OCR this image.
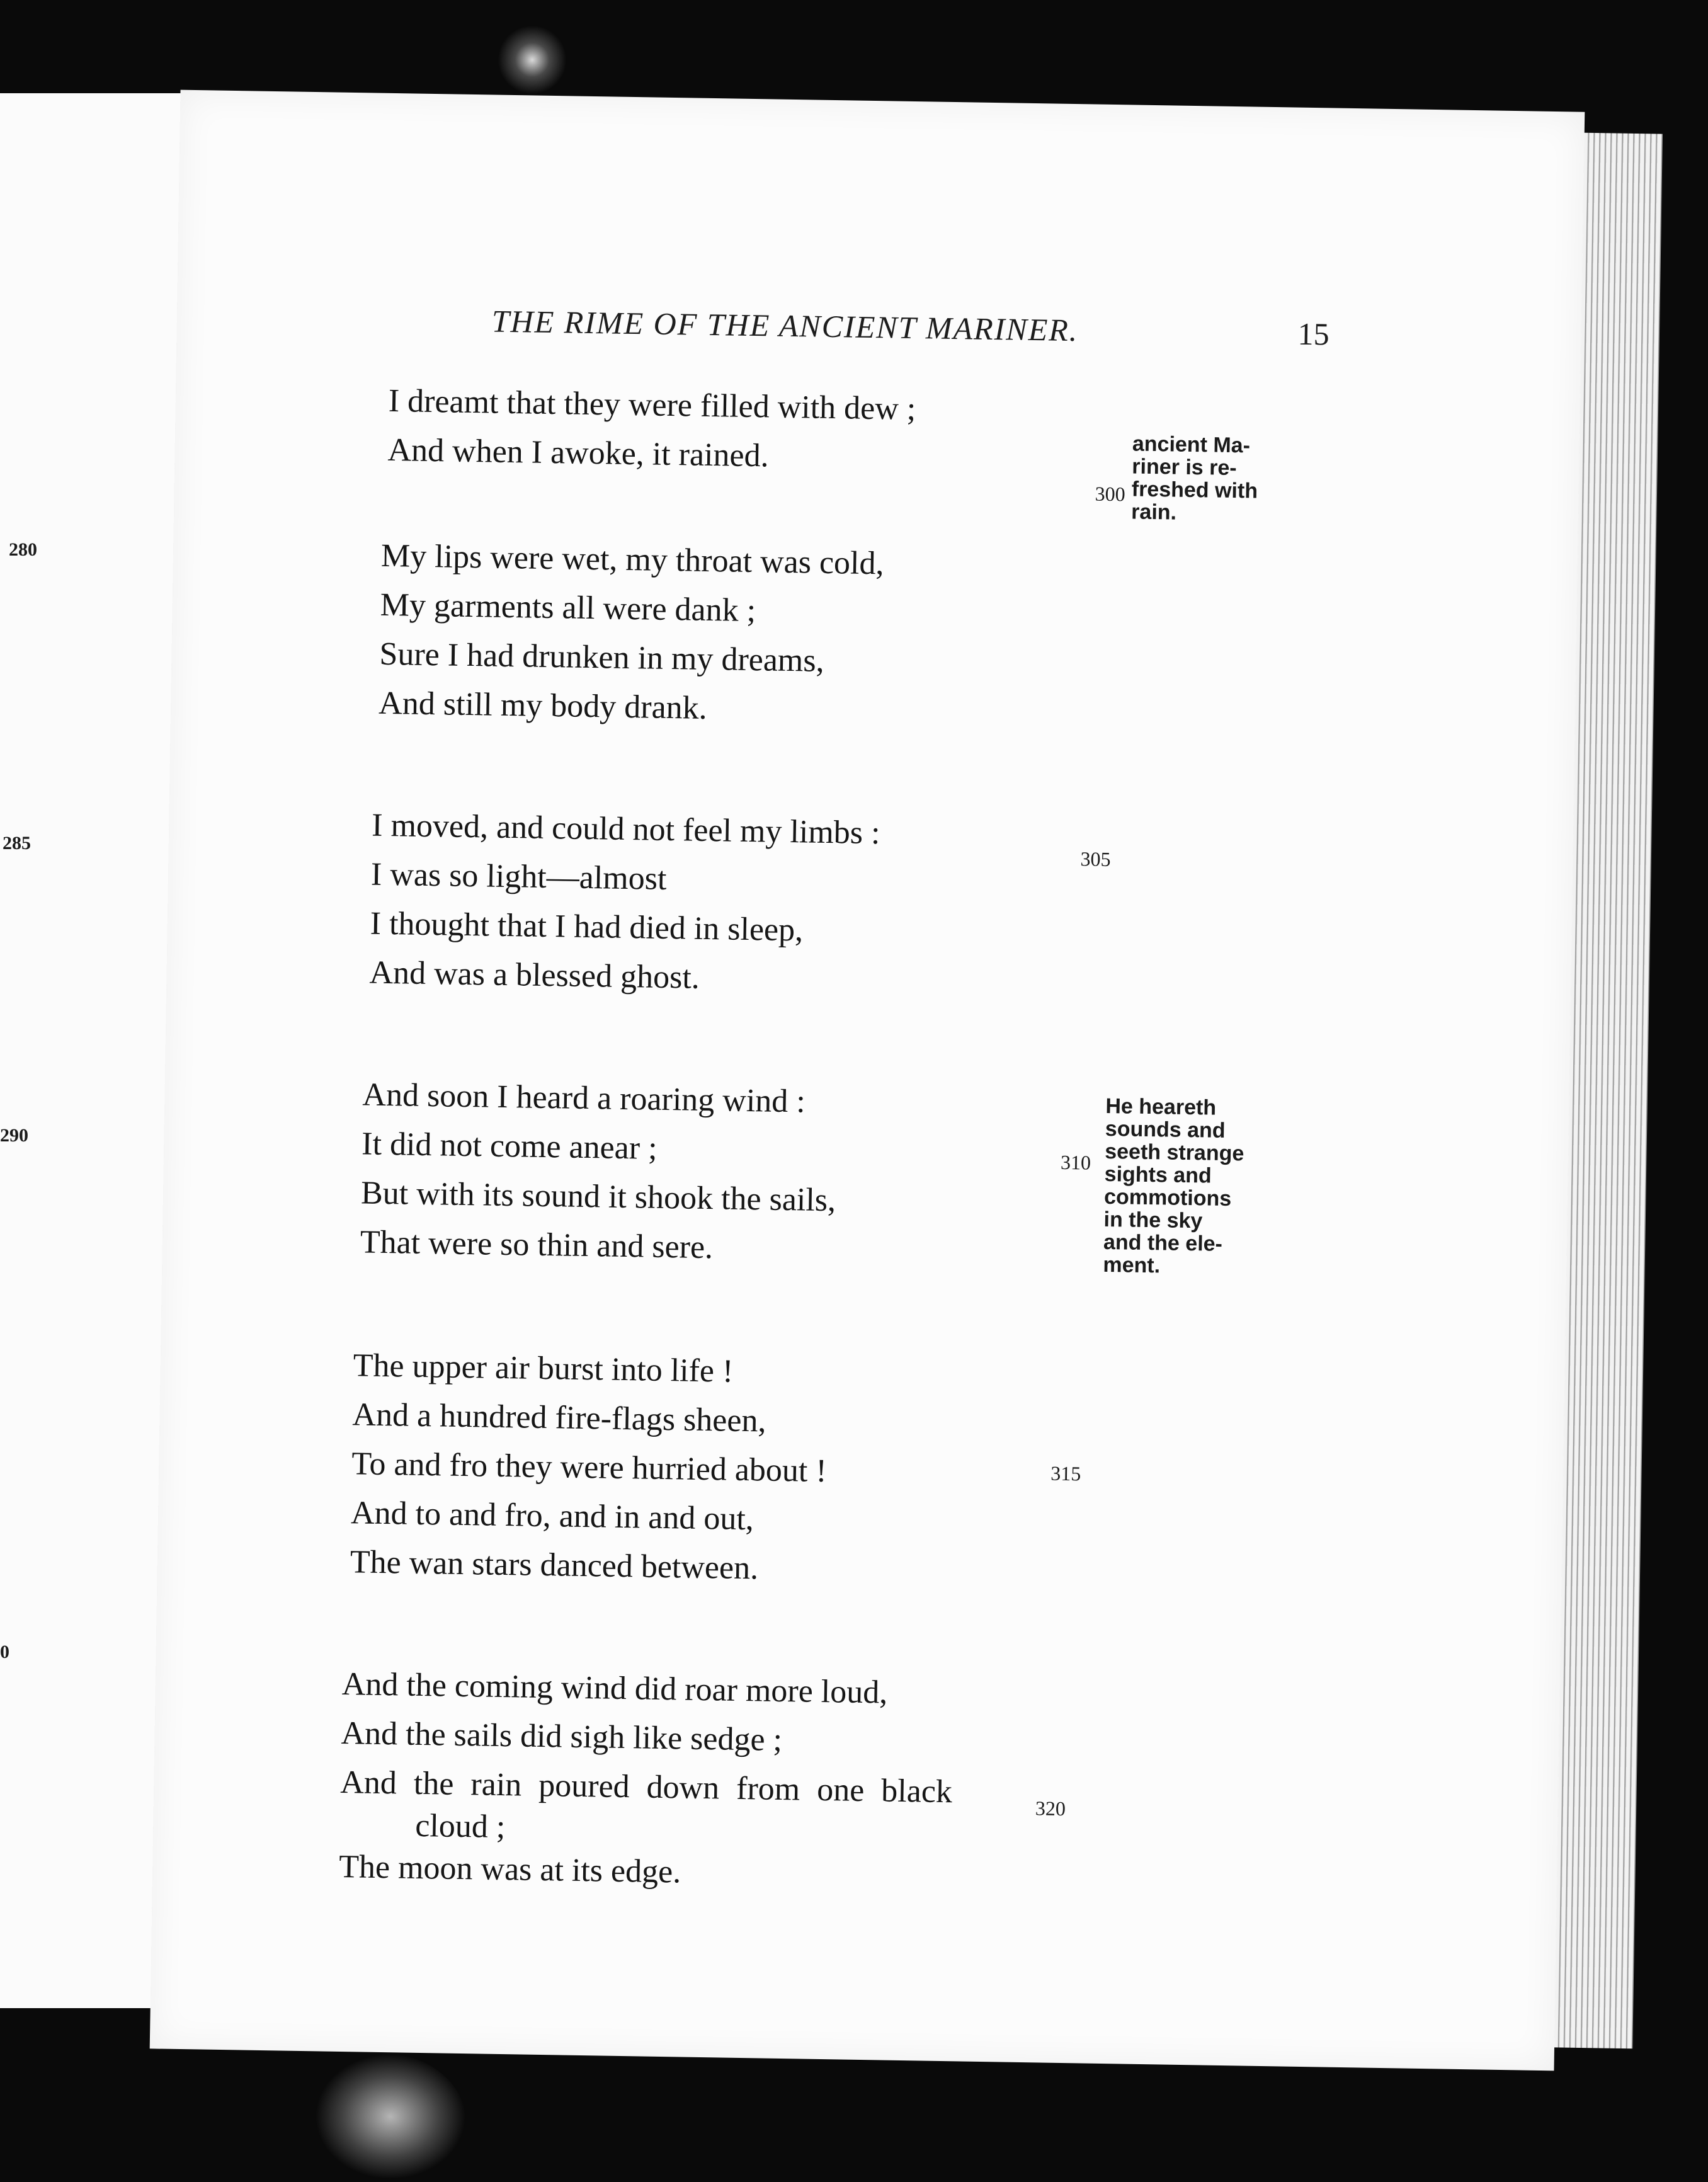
280
285
290
0
THE RIME OF THE ANCIENT MARINER.	15
I dreamt that they were filled with dew ;
And when I awoke, it rained.
My lips were wet, my throat was cold,
My garments all were dank ;
Sure I had drunken in my dreams,
And still my body drank.
I moved, and could not feel my limbs :
I was so light—almost
I thought that I had died in sleep,
And was a blessed ghost.
And soon I heard a roaring wind :
It did not come anear ;
But with its sound it shook the sails,
That were so thin and sere.
The upper air burst into life !
And a hundred fire-flags sheen,
To and fro they were hurried about !
And to and fro, and in and out,
The wan stars danced between.
And the coming wind did roar more loud,
And the sails did sigh like sedge ;
And the rain poured down from one black
cloud ;
The moon was at its edge.
300
305
310
315
320
ancient Ma-
riner is re-
freshed with
rain.
He heareth
sounds and
seeth strange
sights and
commotions
in the sky
and the ele-
ment.
